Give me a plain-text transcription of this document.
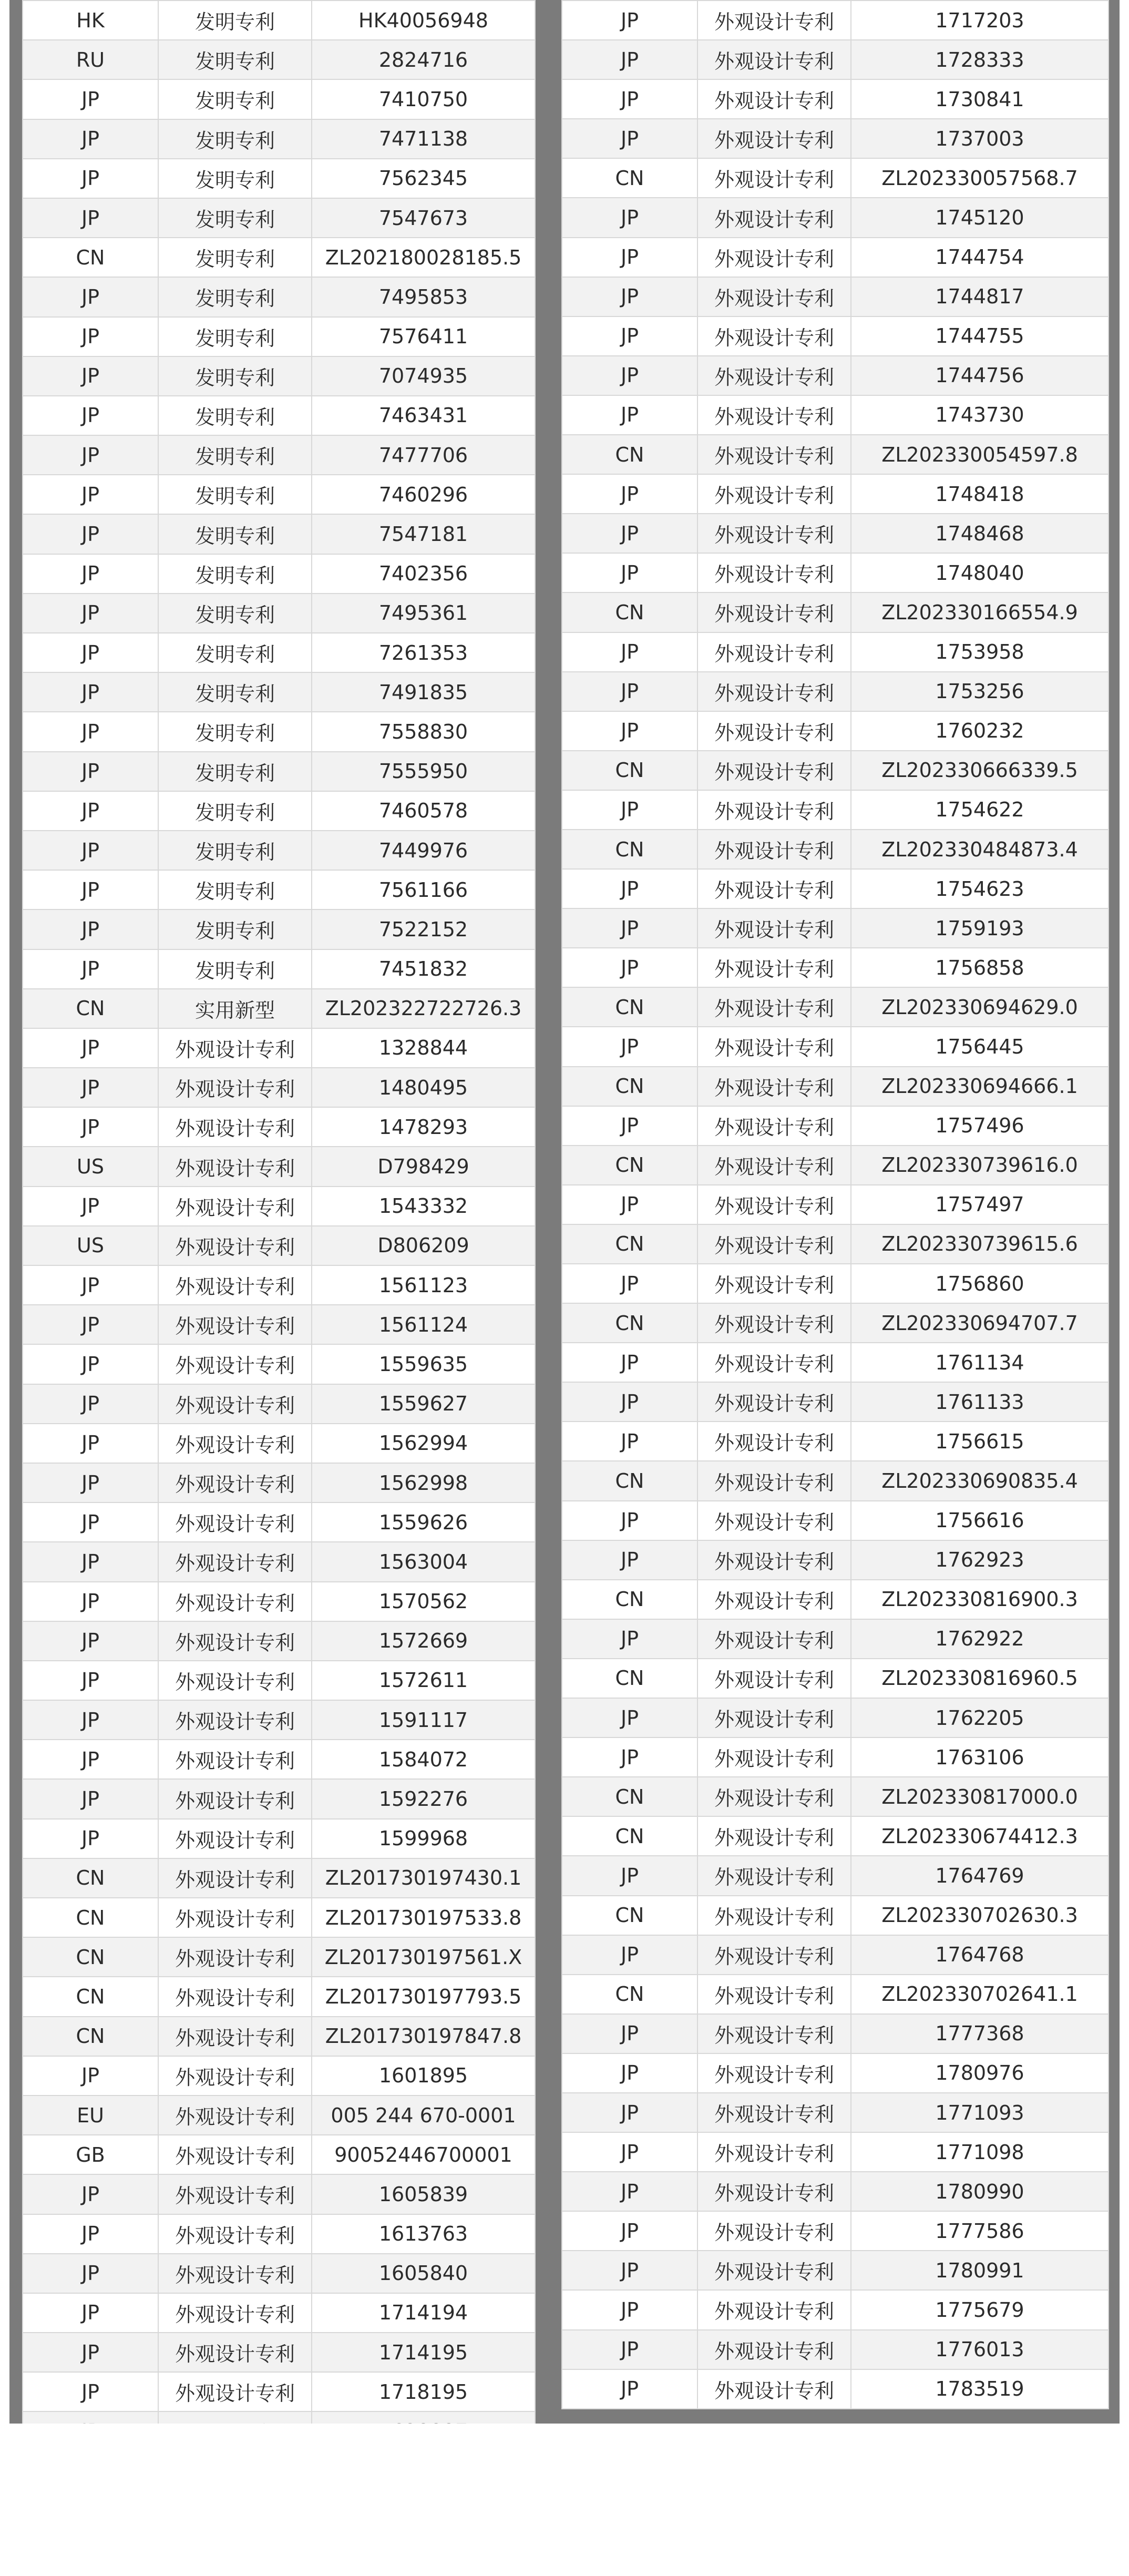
HK	发明专利	HK40056948
RU	发明专利	2824716
JP	发明专利	7410750
JP	发明专利	7471138
JP	发明专利	7562345
JP	发明专利	7547673
CN	发明专利	ZL202180028185.5
JP	发明专利	7495853
JP	发明专利	7576411
JP	发明专利	7074935
JP	发明专利	7463431
JP	发明专利	7477706
JP	发明专利	7460296
JP	发明专利	7547181
JP	发明专利	7402356
JP	发明专利	7495361
JP	发明专利	7261353
JP	发明专利	7491835
JP	发明专利	7558830
JP	发明专利	7555950
JP	发明专利	7460578
JP	发明专利	7449976
JP	发明专利	7561166
JP	发明专利	7522152
JP	发明专利	7451832
CN	实用新型	ZL202322722726.3
JP	外观设计专利	1328844
JP	外观设计专利	1480495
JP	外观设计专利	1478293
US	外观设计专利	D798429
JP	外观设计专利	1543332
US	外观设计专利	D806209
JP	外观设计专利	1561123
JP	外观设计专利	1561124
JP	外观设计专利	1559635
JP	外观设计专利	1559627
JP	外观设计专利	1562994
JP	外观设计专利	1562998
JP	外观设计专利	1559626
JP	外观设计专利	1563004
JP	外观设计专利	1570562
JP	外观设计专利	1572669
JP	外观设计专利	1572611
JP	外观设计专利	1591117
JP	外观设计专利	1584072
JP	外观设计专利	1592276
JP	外观设计专利	1599968
CN	外观设计专利	ZL201730197430.1
CN	外观设计专利	ZL201730197533.8
CN	外观设计专利	ZL201730197561.X
CN	外观设计专利	ZL201730197793.5
CN	外观设计专利	ZL201730197847.8
JP	外观设计专利	1601895
EU	外观设计专利	005 244 670-0001
GB	外观设计专利	90052446700001
JP	外观设计专利	1605839
JP	外观设计专利	1613763
JP	外观设计专利	1605840
JP	外观设计专利	1714194
JP	外观设计专利	1714195
JP	外观设计专利	1718195

JP	外观设计专利	1717203
JP	外观设计专利	1728333
JP	外观设计专利	1730841
JP	外观设计专利	1737003
CN	外观设计专利	ZL202330057568.7
JP	外观设计专利	1745120
JP	外观设计专利	1744754
JP	外观设计专利	1744817
JP	外观设计专利	1744755
JP	外观设计专利	1744756
JP	外观设计专利	1743730
CN	外观设计专利	ZL202330054597.8
JP	外观设计专利	1748418
JP	外观设计专利	1748468
JP	外观设计专利	1748040
CN	外观设计专利	ZL202330166554.9
JP	外观设计专利	1753958
JP	外观设计专利	1753256
JP	外观设计专利	1760232
CN	外观设计专利	ZL202330666339.5
JP	外观设计专利	1754622
CN	外观设计专利	ZL202330484873.4
JP	外观设计专利	1754623
JP	外观设计专利	1759193
JP	外观设计专利	1756858
CN	外观设计专利	ZL202330694629.0
JP	外观设计专利	1756445
CN	外观设计专利	ZL202330694666.1
JP	外观设计专利	1757496
CN	外观设计专利	ZL202330739616.0
JP	外观设计专利	1757497
CN	外观设计专利	ZL202330739615.6
JP	外观设计专利	1756860
CN	外观设计专利	ZL202330694707.7
JP	外观设计专利	1761134
JP	外观设计专利	1761133
JP	外观设计专利	1756615
CN	外观设计专利	ZL202330690835.4
JP	外观设计专利	1756616
JP	外观设计专利	1762923
CN	外观设计专利	ZL202330816900.3
JP	外观设计专利	1762922
CN	外观设计专利	ZL202330816960.5
JP	外观设计专利	1762205
JP	外观设计专利	1763106
CN	外观设计专利	ZL202330817000.0
CN	外观设计专利	ZL202330674412.3
JP	外观设计专利	1764769
CN	外观设计专利	ZL202330702630.3
JP	外观设计专利	1764768
CN	外观设计专利	ZL202330702641.1
JP	外观设计专利	1777368
JP	外观设计专利	1780976
JP	外观设计专利	1771093
JP	外观设计专利	1771098
JP	外观设计专利	1780990
JP	外观设计专利	1777586
JP	外观设计专利	1780991
JP	外观设计专利	1775679
JP	外观设计专利	1776013
JP	外观设计专利	1783519
